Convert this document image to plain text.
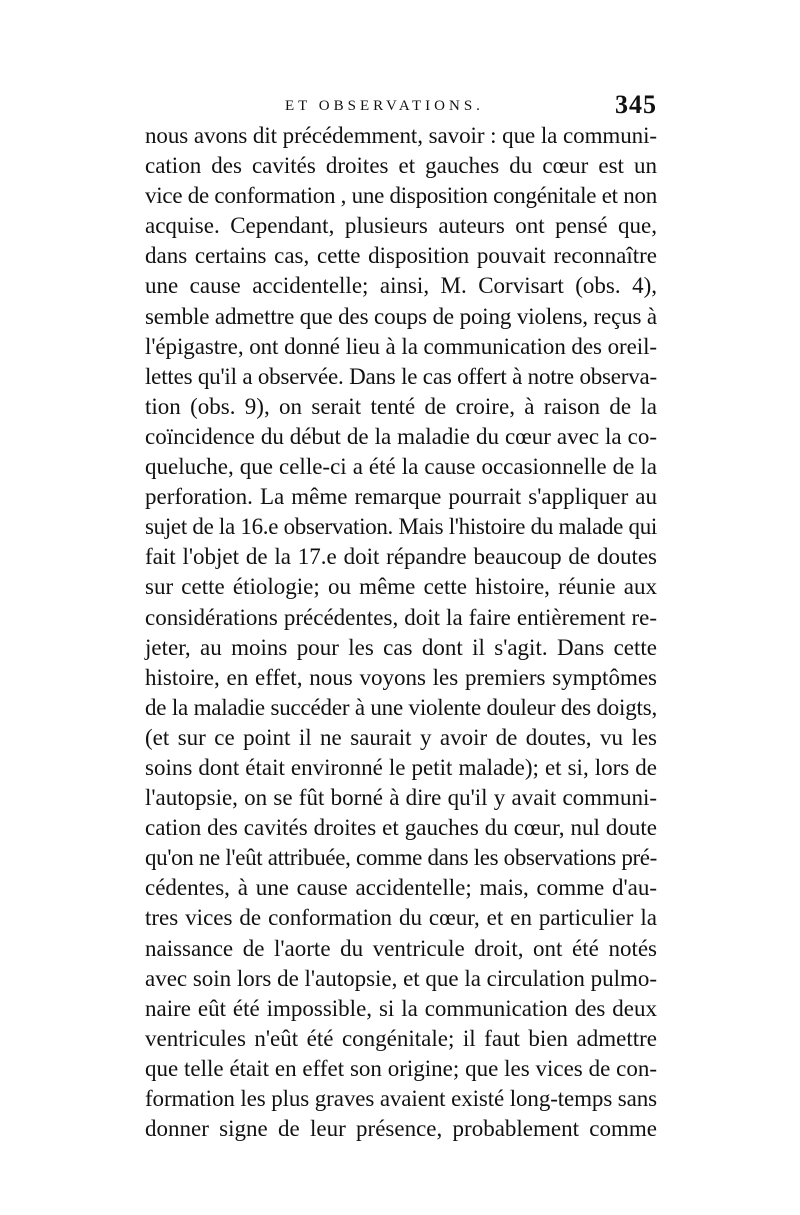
ET OBSERVATIONS.	345
nous avons dit précédemment, savoir : que la communi-
cation des cavités droites et gauches du cœur est un
vice de conformation , une disposition congénitale et non
acquise. Cependant, plusieurs auteurs ont pensé que,
dans certains cas, cette disposition pouvait reconnaître
une cause accidentelle; ainsi, M. Corvisart (obs. 4),
semble admettre que des coups de poing violens, reçus à
l'épigastre, ont donné lieu à la communication des oreil-
lettes qu'il a observée. Dans le cas offert à notre observa-
tion (obs. 9), on serait tenté de croire, à raison de la
coïncidence du début de la maladie du cœur avec la co-
queluche, que celle-ci a été la cause occasionnelle de la
perforation. La même remarque pourrait s'appliquer au
sujet de la 16.e observation. Mais l'histoire du malade qui
fait l'objet de la 17.e doit répandre beaucoup de doutes
sur cette étiologie; ou même cette histoire, réunie aux
considérations précédentes, doit la faire entièrement re-
jeter, au moins pour les cas dont il s'agit. Dans cette
histoire, en effet, nous voyons les premiers symptômes
de la maladie succéder à une violente douleur des doigts,
(et sur ce point il ne saurait y avoir de doutes, vu les
soins dont était environné le petit malade); et si, lors de
l'autopsie, on se fût borné à dire qu'il y avait communi-
cation des cavités droites et gauches du cœur, nul doute
qu'on ne l'eût attribuée, comme dans les observations pré-
cédentes, à une cause accidentelle; mais, comme d'au-
tres vices de conformation du cœur, et en particulier la
naissance de l'aorte du ventricule droit, ont été notés
avec soin lors de l'autopsie, et que la circulation pulmo-
naire eût été impossible, si la communication des deux
ventricules n'eût été congénitale; il faut bien admettre
que telle était en effet son origine; que les vices de con-
formation les plus graves avaient existé long-temps sans
donner signe de leur présence, probablement comme
